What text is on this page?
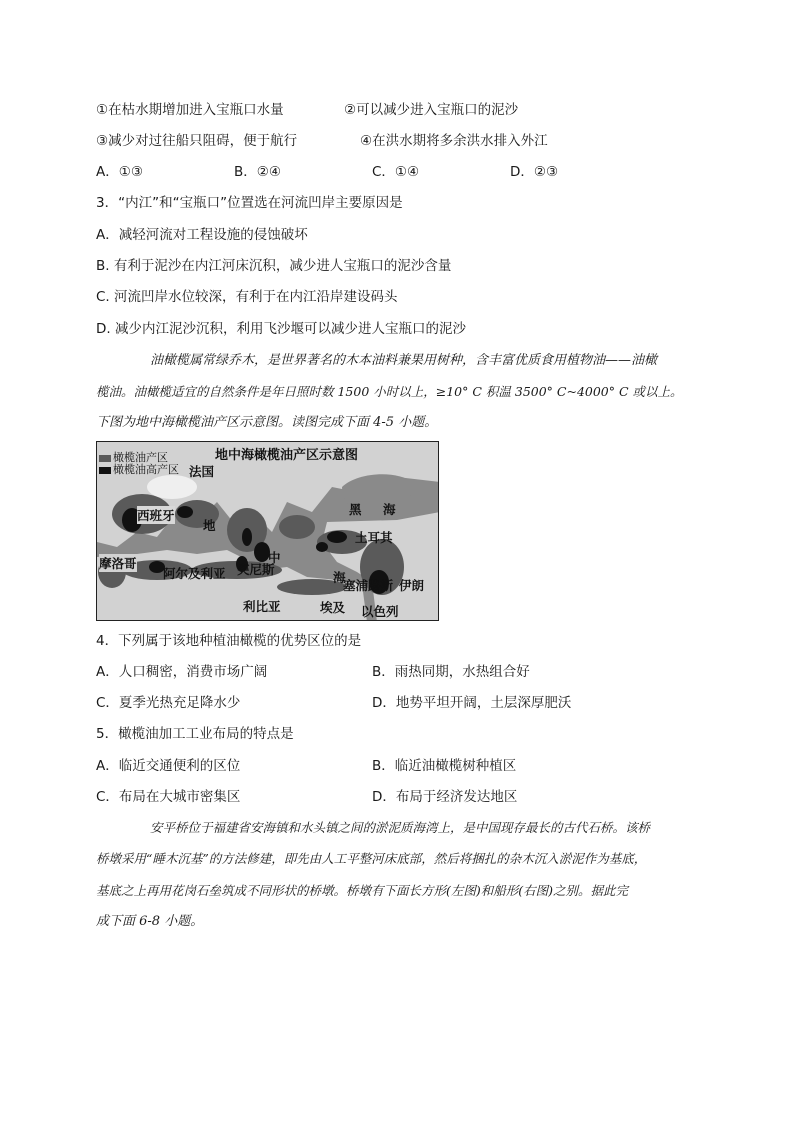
①在枯水期增加进入宝瓶口水量	②可以减少进入宝瓶口的泥沙
③减少对过往船只阻碍，便于航行	④在洪水期将多余洪水排入外江
A．①③	B．②④	C．①④	D．②③
3．“内江”和“宝瓶口”位置选在河流凹岸主要原因是
A．减轻河流对工程设施的侵蚀破坏
B. 有利于泥沙在内江河床沉积，减少进人宝瓶口的泥沙含量
C. 河流凹岸水位较深，有利于在内江沿岸建设码头
D. 减少内江泥沙沉积，利用飞沙堰可以减少进人宝瓶口的泥沙
油橄榄属常绿乔木，是世界著名的木本油料兼果用树种，含丰富优质食用植物油——油橄
榄油。油橄榄适宜的自然条件是年日照时数 1500 小时以上，≥10° C 积温 3500° C~4000° C 或以上。
下图为地中海橄榄油产区示意图。读图完成下面 4-5 小题。
地中海橄榄油产区示意图
橄榄油产区
橄榄油高产区 法国
西班牙
地
中
海
摩洛哥
阿尔及利亚 突尼斯
利比亚	埃及
黑 海
土耳其
塞浦路斯 伊朗
以色列
4．下列属于该地种植油橄榄的优势区位的是
A．人口稠密，消费市场广阔	B．雨热同期，水热组合好
C．夏季光热充足降水少	D．地势平坦开阔，土层深厚肥沃
5．橄榄油加工工业布局的特点是
A．临近交通便利的区位	B．临近油橄榄树种植区
C．布局在大城市密集区	D．布局于经济发达地区
安平桥位于福建省安海镇和水头镇之间的淤泥质海湾上，是中国现存最长的古代石桥。该桥
桥墩采用“睡木沉基”的方法修建，即先由人工平整河床底部，然后将捆扎的杂木沉入淤泥作为基底，
基底之上再用花岗石垒筑成不同形状的桥墩。桥墩有下面长方形(左图)和船形(右图)之别。据此完
成下面 6-8 小题。
